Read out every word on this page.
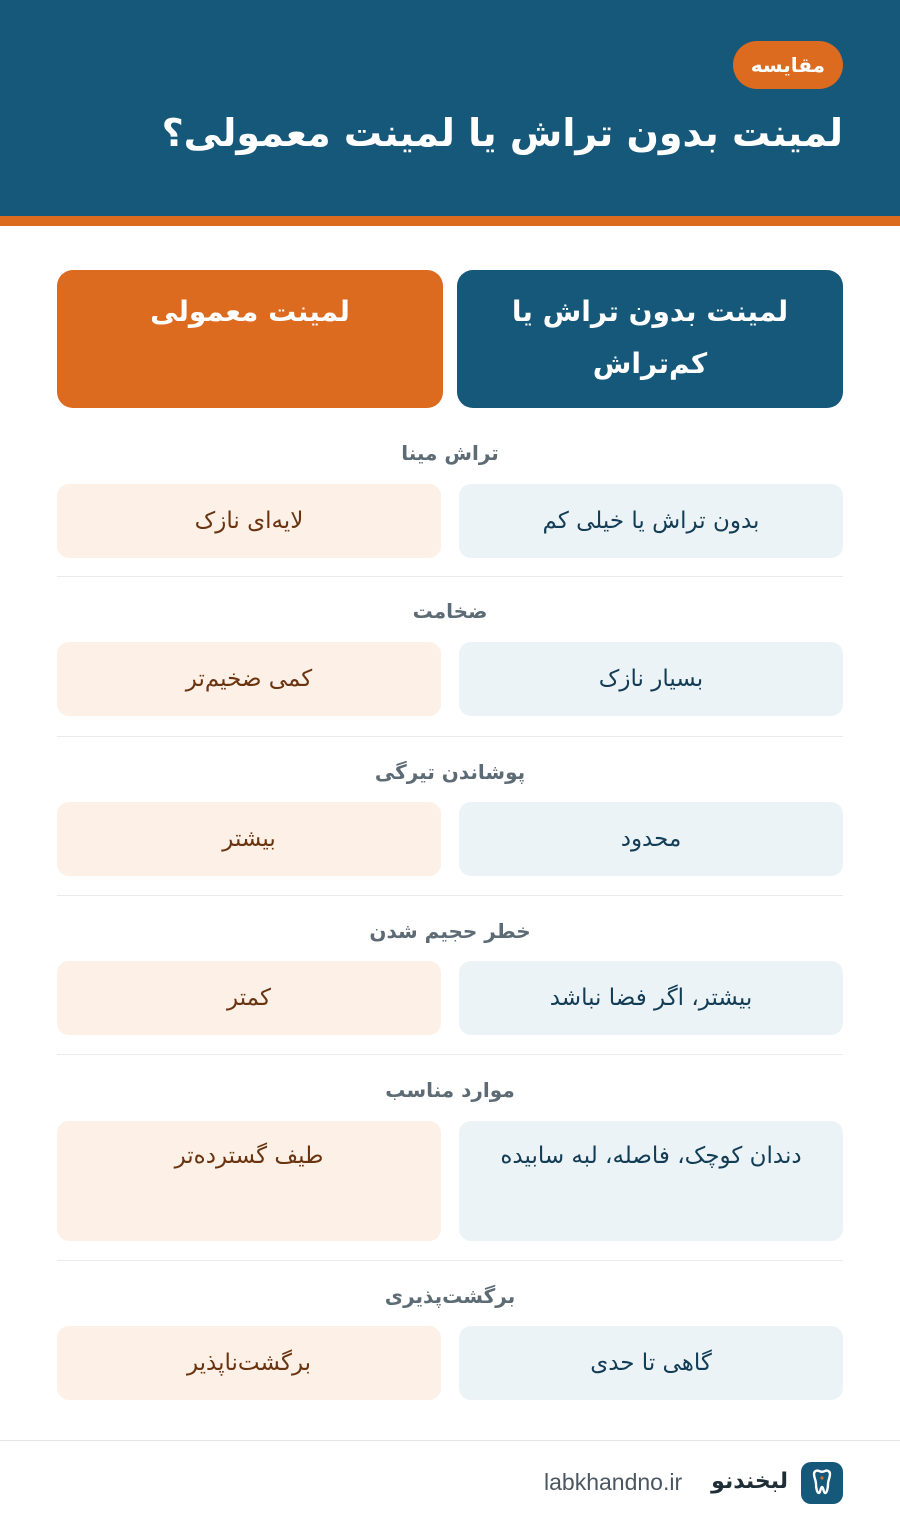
مقایسه
لمینت بدون تراش یا لمینت معمولی؟
لمینت بدون تراش یا کم‌تراش
لمینت معمولی
تراش مینا
بدون تراش یا خیلی کم
لایه‌ای نازک
ضخامت
بسیار نازک
کمی ضخیم‌تر
پوشاندن تیرگی
محدود
بیشتر
خطر حجیم شدن
بیشتر، اگر فضا نباشد
کمتر
موارد مناسب
دندان کوچک، فاصله، لبه سابیده
طیف گسترده‌تر
برگشت‌پذیری
گاهی تا حدی
برگشت‌ناپذیر
لبخندنو
labkhandno.ir
